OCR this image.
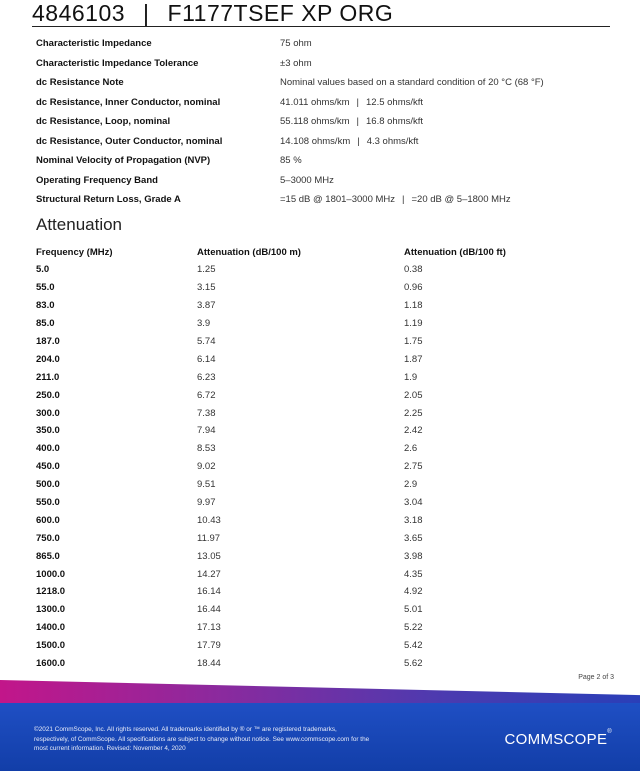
4846103 | F1177TSEF XP ORG
Characteristic Impedance	75 ohm
Characteristic Impedance Tolerance	±3 ohm
dc Resistance Note	Nominal values based on a standard condition of 20 °C (68 °F)
dc Resistance, Inner Conductor, nominal	41.011 ohms/km | 12.5 ohms/kft
dc Resistance, Loop, nominal	55.118 ohms/km | 16.8 ohms/kft
dc Resistance, Outer Conductor, nominal	14.108 ohms/km | 4.3 ohms/kft
Nominal Velocity of Propagation (NVP)	85 %
Operating Frequency Band	5–3000 MHz
Structural Return Loss, Grade A	=15 dB @ 1801–3000 MHz | =20 dB @ 5–1800 MHz
Attenuation
Frequency (MHz)	Attenuation (dB/100 m)	Attenuation (dB/100 ft)
5.0	1.25	0.38
55.0	3.15	0.96
83.0	3.87	1.18
85.0	3.9	1.19
187.0	5.74	1.75
204.0	6.14	1.87
211.0	6.23	1.9
250.0	6.72	2.05
300.0	7.38	2.25
350.0	7.94	2.42
400.0	8.53	2.6
450.0	9.02	2.75
500.0	9.51	2.9
550.0	9.97	3.04
600.0	10.43	3.18
750.0	11.97	3.65
865.0	13.05	3.98
1000.0	14.27	4.35
1218.0	16.14	4.92
1300.0	16.44	5.01
1400.0	17.13	5.22
1500.0	17.79	5.42
1600.0	18.44	5.62
Page 2 of 3
©2021 CommScope, Inc. All rights reserved. All trademarks identified by ® or ™ are registered trademarks,
respectively, of CommScope. All specifications are subject to change without notice. See www.commscope.com for the
most current information. Revised: November 4, 2020
COMMSCOPE®
